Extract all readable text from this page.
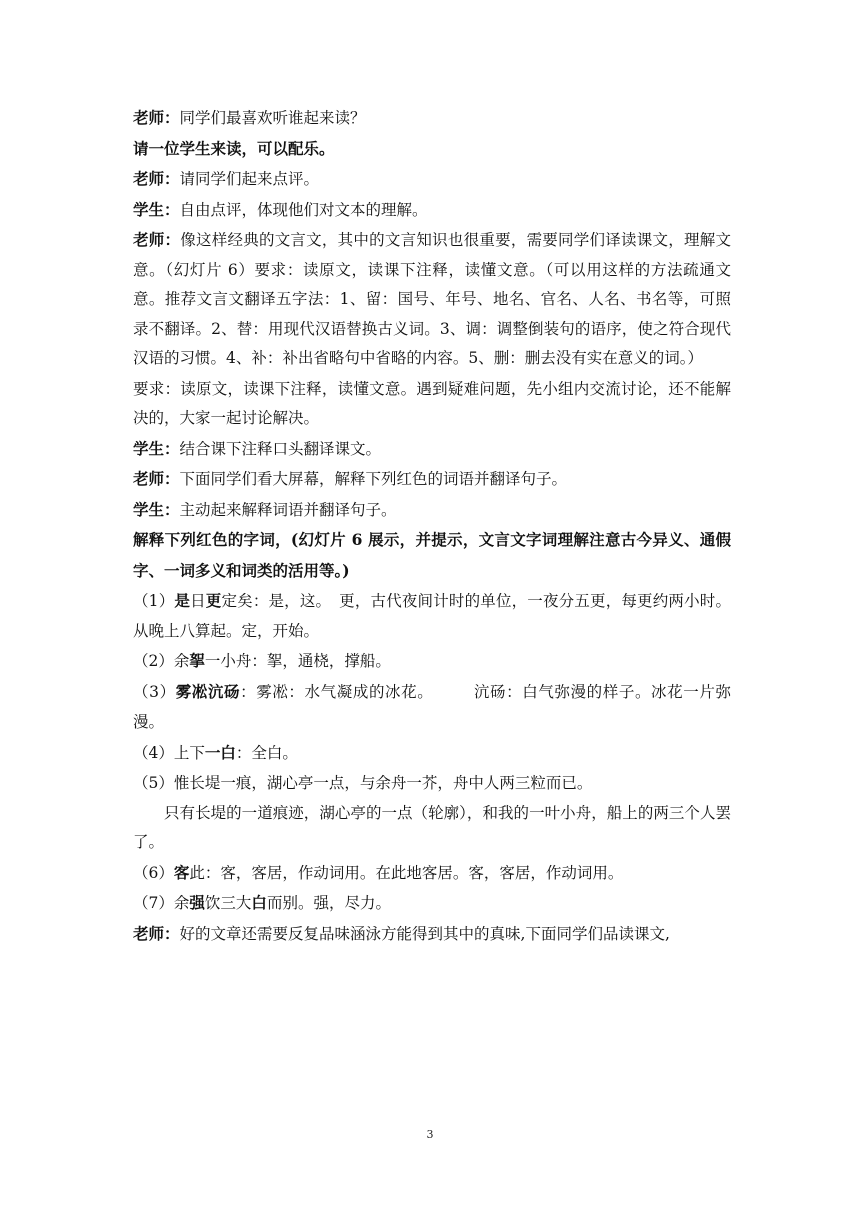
老师：同学们最喜欢听谁起来读？

请一位学生来读，可以配乐。

老师：请同学们起来点评。

学生：自由点评，体现他们对文本的理解。

老师：像这样经典的文言文，其中的文言知识也很重要，需要同学们译读课文，理解文意。（幻灯片 6）要求：读原文，读课下注释，读懂文意。（可以用这样的方法疏通文意。推荐文言文翻译五字法：1、留：国号、年号、地名、官名、人名、书名等，可照录不翻译。2、替：用现代汉语替换古义词。3、调：调整倒装句的语序，使之符合现代 汉语的习惯。4、补：补出省略句中省略的内容。5、删：删去没有实在意义的词。）

要求：读原文，读课下注释，读懂文意。遇到疑难问题，先小组内交流讨论，还不能解决的，大家一起讨论解决。

学生：结合课下注释口头翻译课文。

老师：下面同学们看大屏幕，解释下列红色的词语并翻译句子。

学生：主动起来解释词语并翻译句子。

解释下列红色的字词，(幻灯片 6 展示，并提示，文言文字词理解注意古今异义、通假字、一词多义和词类的活用等。)

（1）是日更定矣：是，这。　更，古代夜间计时的单位，一夜分五更，每更约两小时。从晚上八算起。定，开始。

（2）余挐一小舟：挐，通桡，撑船。

（3）雾凇沆砀：雾凇：水气凝成的冰花。　　　沆砀：白气弥漫的样子。冰花一片弥漫。

（4）上下一白：全白。

（5）惟长堤一痕，湖心亭一点，与余舟一芥，舟中人两三粒而已。

只有长堤的一道痕迹，湖心亭的一点（轮廓），和我的一叶小舟，船上的两三个人罢了。

（6）客此：客，客居，作动词用。在此地客居。客，客居，作动词用。

（7）余强饮三大白而别。强，尽力。

老师：好的文章还需要反复品味涵泳方能得到其中的真味,下面同学们品读课文,

3
